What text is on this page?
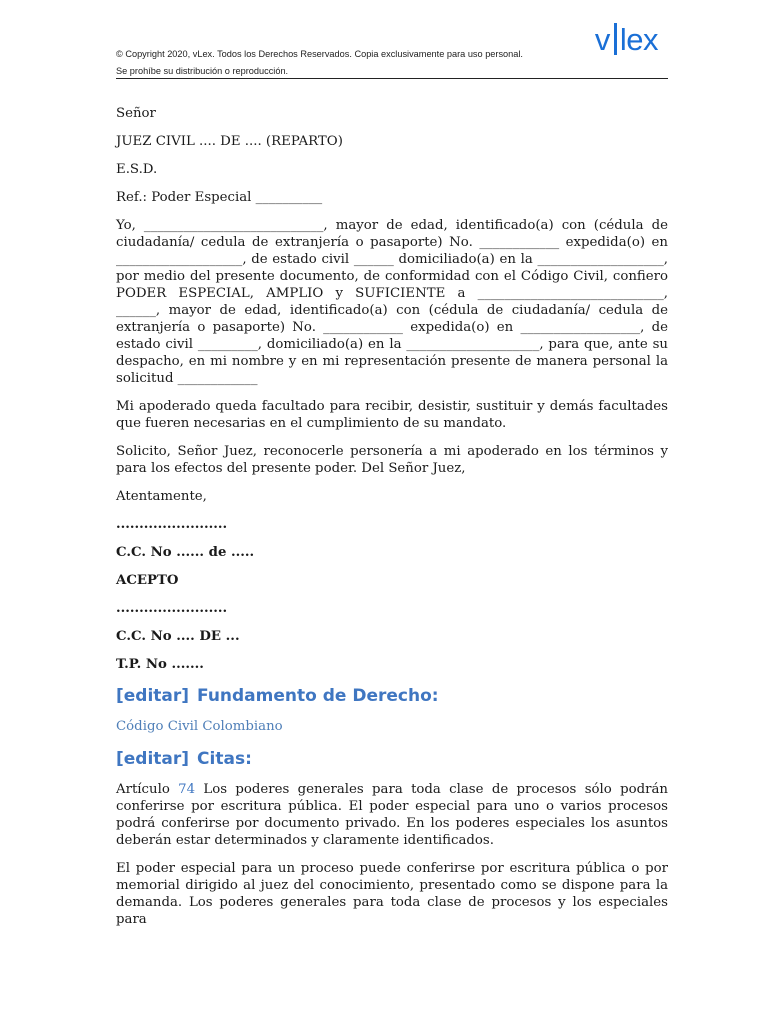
© Copyright 2020, vLex. Todos los Derechos Reservados. Copia exclusivamente para uso personal.
Se prohíbe su distribución o reproducción.
v lex

Señor

JUEZ CIVIL .... DE .... (REPARTO)

E.S.D.

Ref.: Poder Especial __________

Yo, ___________________________, mayor de edad, identificado(a) con (cédula de ciudadanía/ cedula de extranjería o pasaporte) No. ____________ expedida(o) en ___________________, de estado civil ______ domiciliado(a) en la ___________________, por medio del presente documento, de conformidad con el Código Civil, confiero PODER ESPECIAL, AMPLIO y SUFICIENTE a ____________________________, ______, mayor de edad, identificado(a) con (cédula de ciudadanía/ cedula de extranjería o pasaporte) No. ____________ expedida(o) en __________________, de estado civil _________, domiciliado(a) en la ____________________, para que, ante su despacho, en mi nombre y en mi representación presente de manera personal la solicitud ____________

Mi apoderado queda facultado para recibir, desistir, sustituir y demás facultades que fueren necesarias en el cumplimiento de su mandato.

Solicito, Señor Juez, reconocerle personería a mi apoderado en los términos y para los efectos del presente poder. Del Señor Juez,

Atentamente,

........................

C.C. No ...... de .....

ACEPTO

........................

C.C. No .... DE ...

T.P. No .......

[editar] Fundamento de Derecho:

Código Civil Colombiano

[editar] Citas:

Artículo 74 Los poderes generales para toda clase de procesos sólo podrán conferirse por escritura pública. El poder especial para uno o varios procesos podrá conferirse por documento privado. En los poderes especiales los asuntos deberán estar determinados y claramente identificados.

El poder especial para un proceso puede conferirse por escritura pública o por memorial dirigido al juez del conocimiento, presentado como se dispone para la demanda. Los poderes generales para toda clase de procesos y los especiales para
